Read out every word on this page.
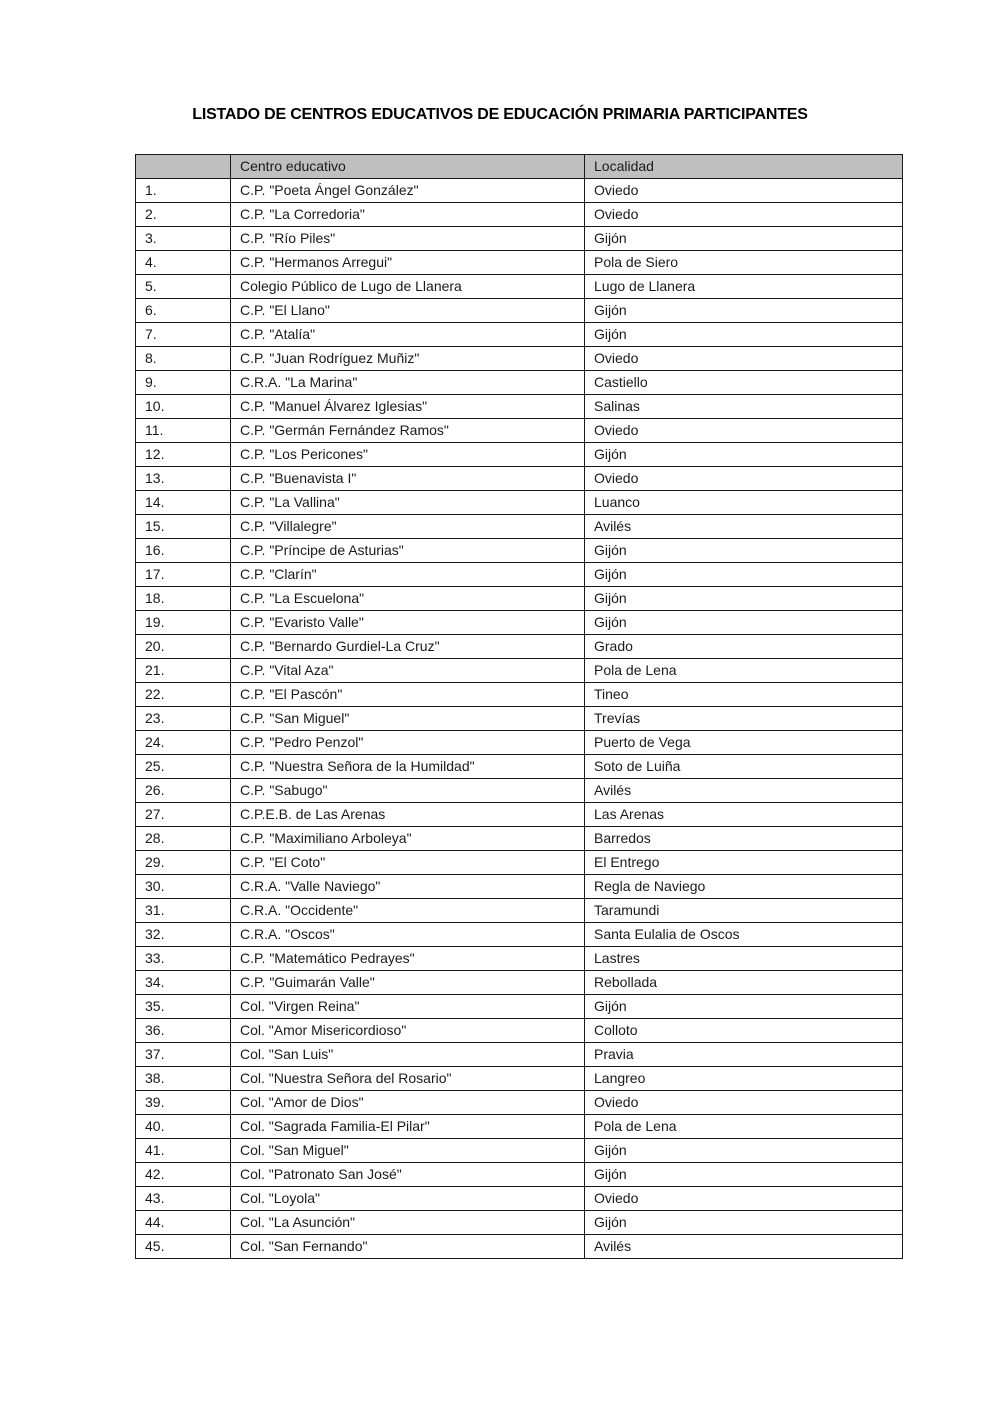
LISTADO DE CENTROS EDUCATIVOS DE EDUCACIÓN PRIMARIA PARTICIPANTES
	Centro educativo	Localidad
1.	C.P. "Poeta Ángel González"	Oviedo
2.	C.P. "La Corredoria"	Oviedo
3.	C.P. "Río Piles"	Gijón
4.	C.P. "Hermanos Arregui"	Pola de Siero
5.	Colegio Público de Lugo de Llanera	Lugo de Llanera
6.	C.P. "El Llano"	Gijón
7.	C.P. "Atalía"	Gijón
8.	C.P. "Juan Rodríguez Muñiz"	Oviedo
9.	C.R.A. "La Marina"	Castiello
10.	C.P. "Manuel Álvarez Iglesias"	Salinas
11.	C.P. "Germán Fernández Ramos"	Oviedo
12.	C.P. "Los Pericones"	Gijón
13.	C.P. "Buenavista I"	Oviedo
14.	C.P. "La Vallina"	Luanco
15.	C.P. "Villalegre"	Avilés
16.	C.P. "Príncipe de Asturias"	Gijón
17.	C.P. "Clarín"	Gijón
18.	C.P. "La Escuelona"	Gijón
19.	C.P. "Evaristo Valle"	Gijón
20.	C.P. "Bernardo Gurdiel-La Cruz"	Grado
21.	C.P. "Vital Aza"	Pola de Lena
22.	C.P. "El Pascón"	Tineo
23.	C.P. "San Miguel"	Trevías
24.	C.P. "Pedro Penzol"	Puerto de Vega
25.	C.P. "Nuestra Señora de la Humildad"	Soto de Luiña
26.	C.P. "Sabugo"	Avilés
27.	C.P.E.B. de Las Arenas	Las Arenas
28.	C.P. "Maximiliano Arboleya"	Barredos
29.	C.P. "El Coto"	El Entrego
30.	C.R.A. "Valle Naviego"	Regla de Naviego
31.	C.R.A. "Occidente"	Taramundi
32.	C.R.A. "Oscos"	Santa Eulalia de Oscos
33.	C.P. "Matemático Pedrayes"	Lastres
34.	C.P. "Guimarán Valle"	Rebollada
35.	Col. "Virgen Reina"	Gijón
36.	Col. "Amor Misericordioso"	Colloto
37.	Col. "San Luis"	Pravia
38.	Col. "Nuestra Señora del Rosario"	Langreo
39.	Col. "Amor de Dios"	Oviedo
40.	Col. "Sagrada Familia-El Pilar"	Pola de Lena
41.	Col. "San Miguel"	Gijón
42.	Col. "Patronato San José"	Gijón
43.	Col. "Loyola"	Oviedo
44.	Col. "La Asunción"	Gijón
45.	Col. "San Fernando"	Avilés
